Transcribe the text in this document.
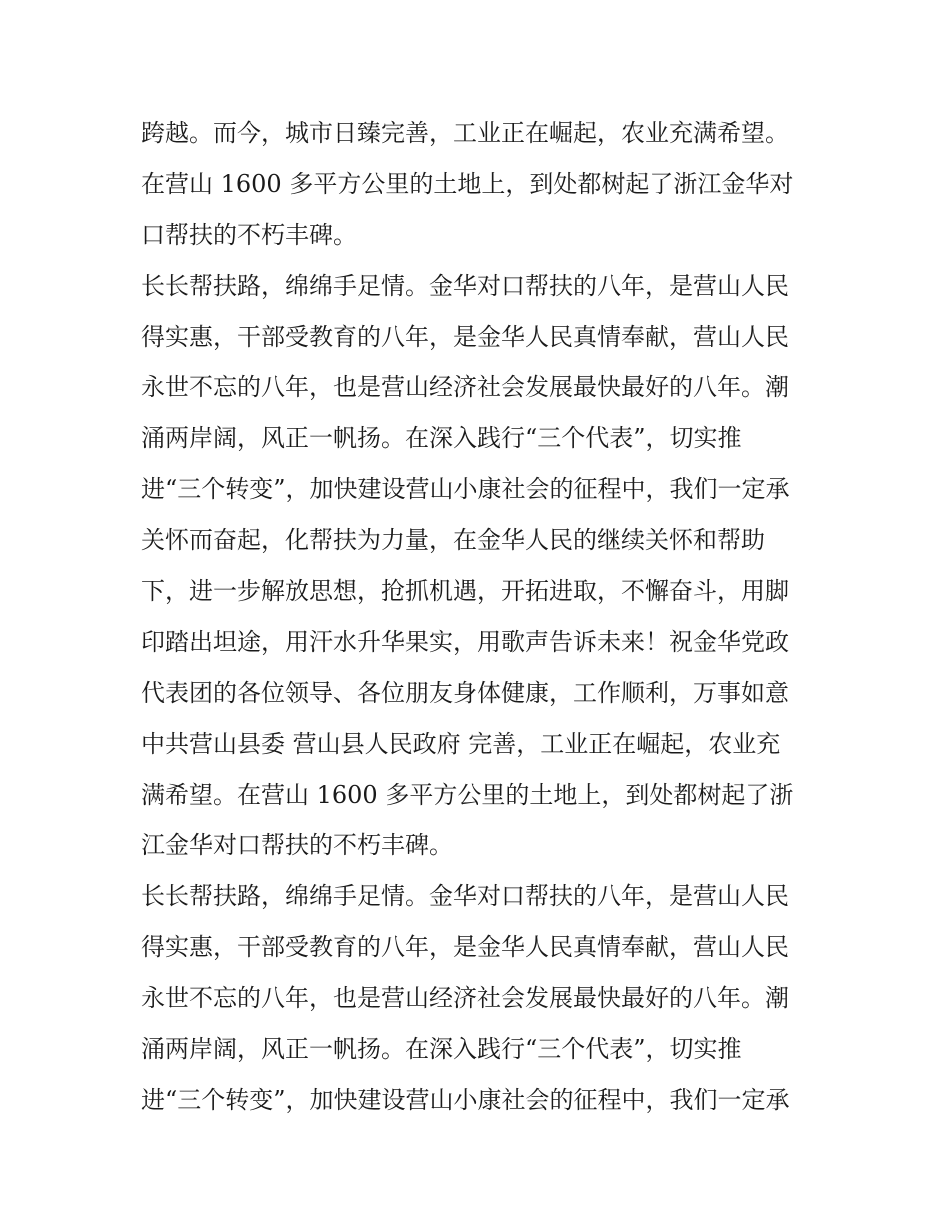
跨越。而今，城市日臻完善，工业正在崛起，农业充满希望。
在营山 1600 多平方公里的土地上，到处都树起了浙江金华对
口帮扶的不朽丰碑。
长长帮扶路，绵绵手足情。金华对口帮扶的八年，是营山人民
得实惠，干部受教育的八年，是金华人民真情奉献，营山人民
永世不忘的八年，也是营山经济社会发展最快最好的八年。潮
涌两岸阔，风正一帆扬。在深入践行“三个代表”，切实推
进“三个转变”，加快建设营山小康社会的征程中，我们一定承
关怀而奋起，化帮扶为力量，在金华人民的继续关怀和帮助
下，进一步解放思想，抢抓机遇，开拓进取，不懈奋斗，用脚
印踏出坦途，用汗水升华果实，用歌声告诉未来！祝金华党政
代表团的各位领导、各位朋友身体健康，工作顺利，万事如意
中共营山县委 营山县人民政府 完善，工业正在崛起，农业充
满希望。在营山 1600 多平方公里的土地上，到处都树起了浙
江金华对口帮扶的不朽丰碑。
长长帮扶路，绵绵手足情。金华对口帮扶的八年，是营山人民
得实惠，干部受教育的八年，是金华人民真情奉献，营山人民
永世不忘的八年，也是营山经济社会发展最快最好的八年。潮
涌两岸阔，风正一帆扬。在深入践行“三个代表”，切实推
进“三个转变”，加快建设营山小康社会的征程中，我们一定承
